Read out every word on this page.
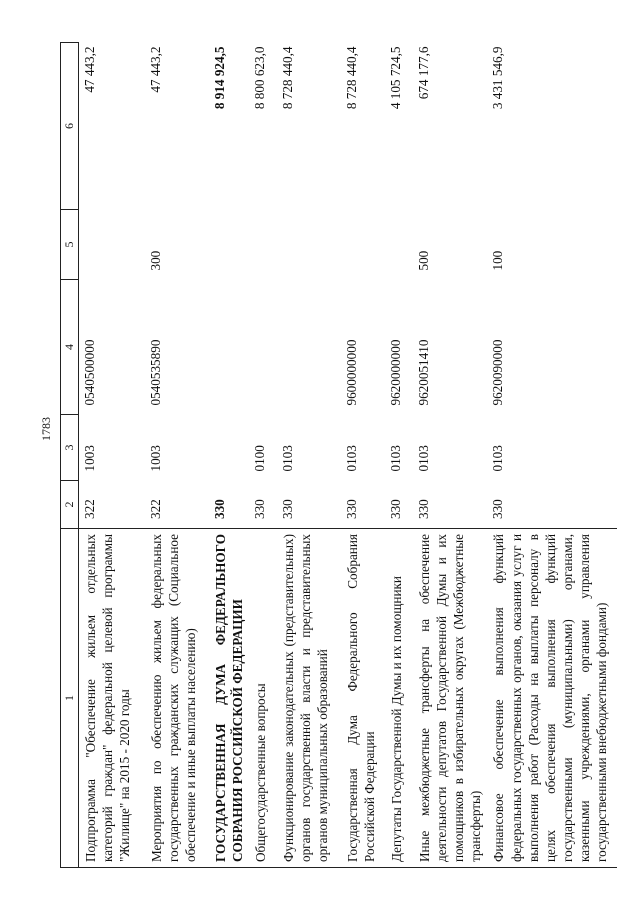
1783
1	2	3	4	5	6
Подпрограмма "Обеспечение жильем отдельных категорий граждан" федеральной целевой программы "Жилище" на 2015 - 2020 годы	322	1003	0540500000		47 443,2
Мероприятия по обеспечению жильем федеральных государственных гражданских служащих (Социальное обеспечение и иные выплаты населению)	322	1003	0540535890	300	47 443,2
ГОСУДАРСТВЕННАЯ ДУМА ФЕДЕРАЛЬНОГО СОБРАНИЯ РОССИЙСКОЙ ФЕДЕРАЦИИ	330				8 914 924,5
Общегосударственные вопросы	330	0100			8 800 623,0
Функционирование законодательных (представительных) органов государственной власти и представительных органов муниципальных образований	330	0103			8 728 440,4
Государственная Дума Федерального Собрания Российской Федерации	330	0103	9600000000		8 728 440,4
Депутаты Государственной Думы и их помощники	330	0103	9620000000		4 105 724,5
Иные межбюджетные трансферты на обеспечение деятельности депутатов Государственной Думы и их помощников в избирательных округах (Межбюджетные трансферты)	330	0103	9620051410	500	674 177,6
Финансовое обеспечение выполнения функций федеральных государственных органов, оказания услуг и выполнения работ (Расходы на выплаты персоналу в целях обеспечения выполнения функций государственными (муниципальными) органами, казенными учреждениями, органами управления государственными внебюджетными фондами)	330	0103	9620090000	100	3 431 546,9
